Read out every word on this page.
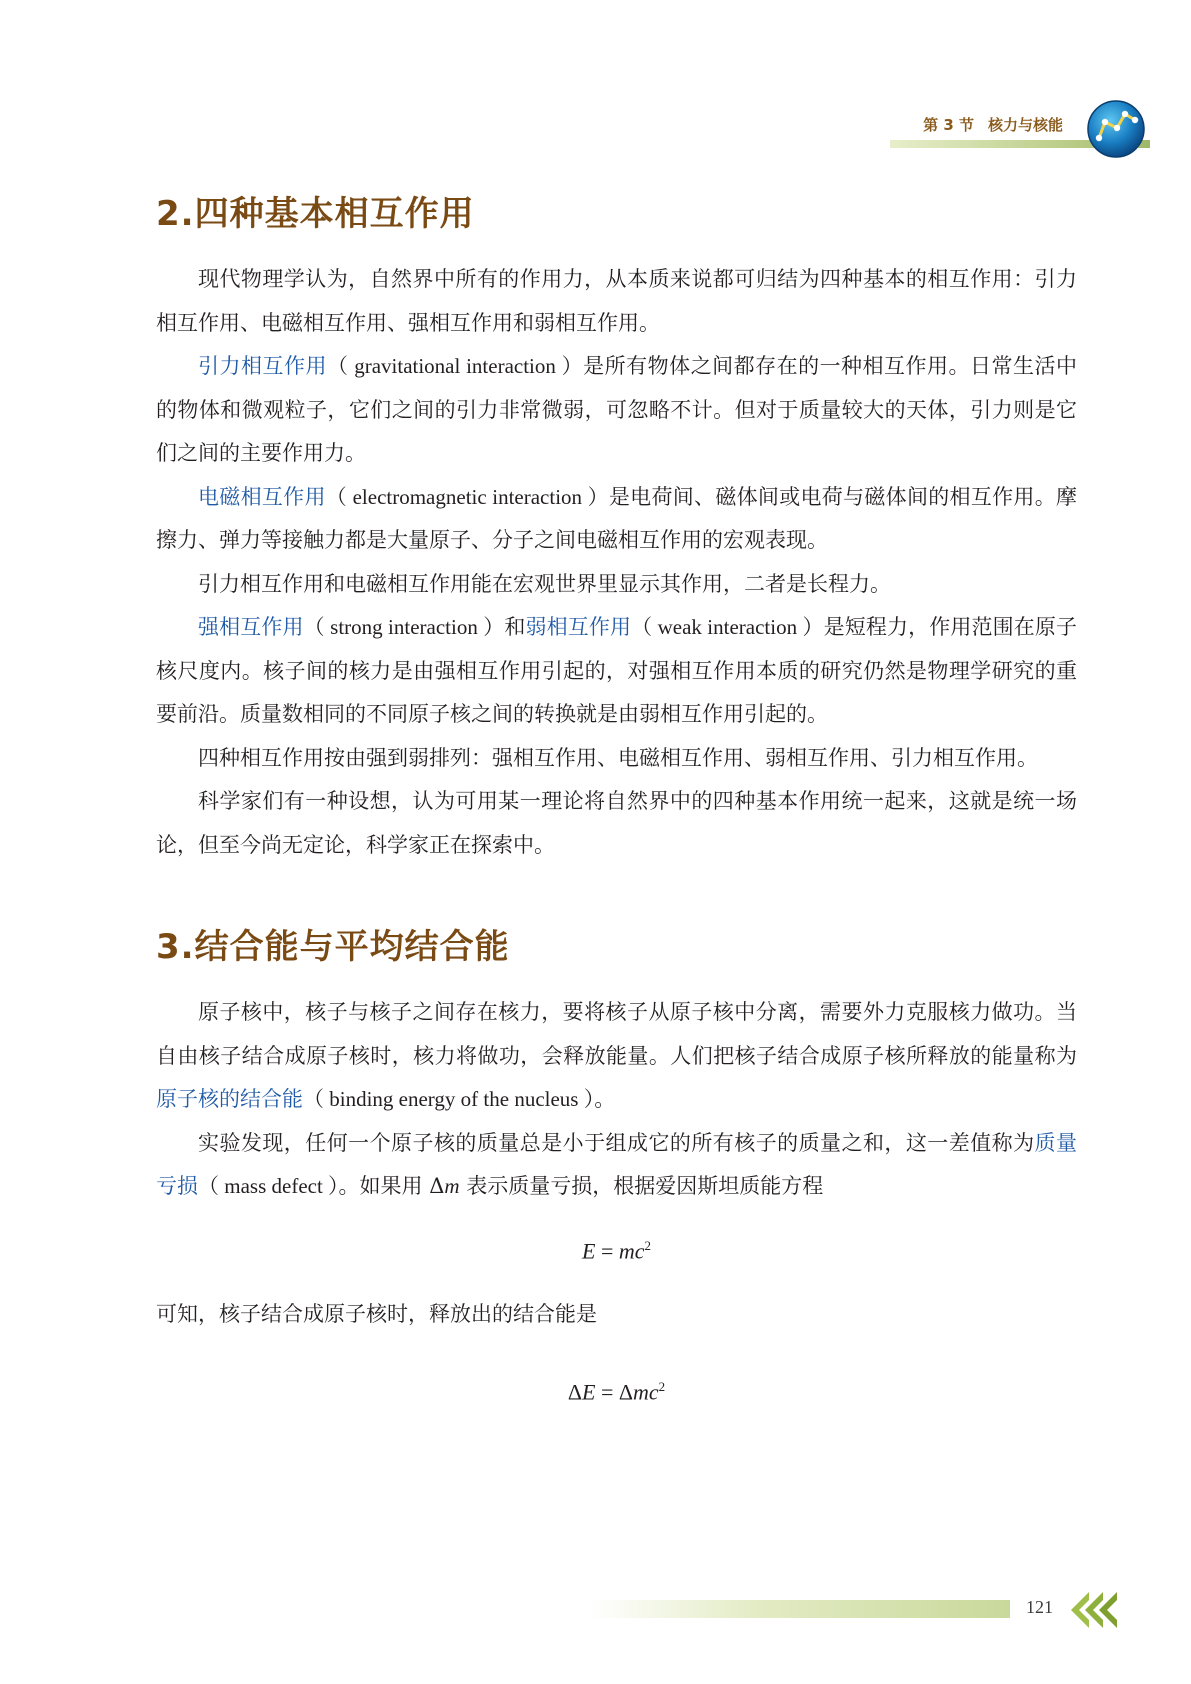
第 3 节 核力与核能
2.四种基本相互作用

现代物理学认为，自然界中所有的作用力，从本质来说都可归结为四种基本的相互作用：引力相互作用、电磁相互作用、强相互作用和弱相互作用。

引力相互作用（ gravitational interaction ）是所有物体之间都存在的一种相互作用。日常生活中的物体和微观粒子，它们之间的引力非常微弱，可忽略不计。但对于质量较大的天体，引力则是它们之间的主要作用力。

电磁相互作用（ electromagnetic interaction ）是电荷间、磁体间或电荷与磁体间的相互作用。摩擦力、弹力等接触力都是大量原子、分子之间电磁相互作用的宏观表现。

引力相互作用和电磁相互作用能在宏观世界里显示其作用，二者是长程力。

强相互作用（ strong interaction ）和弱相互作用（ weak interaction ）是短程力，作用范围在原子核尺度内。核子间的核力是由强相互作用引起的，对强相互作用本质的研究仍然是物理学研究的重要前沿。质量数相同的不同原子核之间的转换就是由弱相互作用引起的。

四种相互作用按由强到弱排列：强相互作用、电磁相互作用、弱相互作用、引力相互作用。

科学家们有一种设想，认为可用某一理论将自然界中的四种基本作用统一起来，这就是统一场论，但至今尚无定论，科学家正在探索中。

3.结合能与平均结合能

原子核中，核子与核子之间存在核力，要将核子从原子核中分离，需要外力克服核力做功。当自由核子结合成原子核时，核力将做功，会释放能量。人们把核子结合成原子核所释放的能量称为原子核的结合能（ binding energy of the nucleus ）。

实验发现，任何一个原子核的质量总是小于组成它的所有核子的质量之和，这一差值称为质量亏损（ mass defect ）。如果用 Δm 表示质量亏损，根据爱因斯坦质能方程

$E = mc^2$

可知，核子结合成原子核时，释放出的结合能是

ΔE = Δmc$^2$

121
